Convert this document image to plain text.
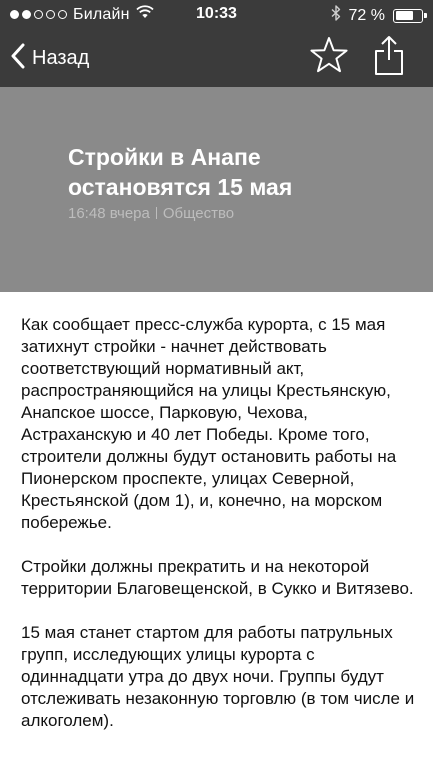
Билайн	10:33	72 %
Назад
Стройки в Анапе остановятся 15 мая
16:48 вчера Общество

Как сообщает пресс-служба курорта, с 15 мая затихнут стройки - начнет действовать соответствующий нормативный акт, распространяющийся на улицы Крестьянскую, Анапское шоссе, Парковую, Чехова, Астраханскую и 40 лет Победы. Кроме того, строители должны будут остановить работы на Пионерском проспекте, улицах Северной, Крестьянской (дом 1), и, конечно, на морском побережье.

Стройки должны прекратить и на некоторой территории Благовещенской, в Сукко и Витязево.

15 мая станет стартом для работы патрульных групп, исследующих улицы курорта с одиннадцати утра до двух ночи. Группы будут отслеживать незаконную торговлю (в том числе и алкоголем).
